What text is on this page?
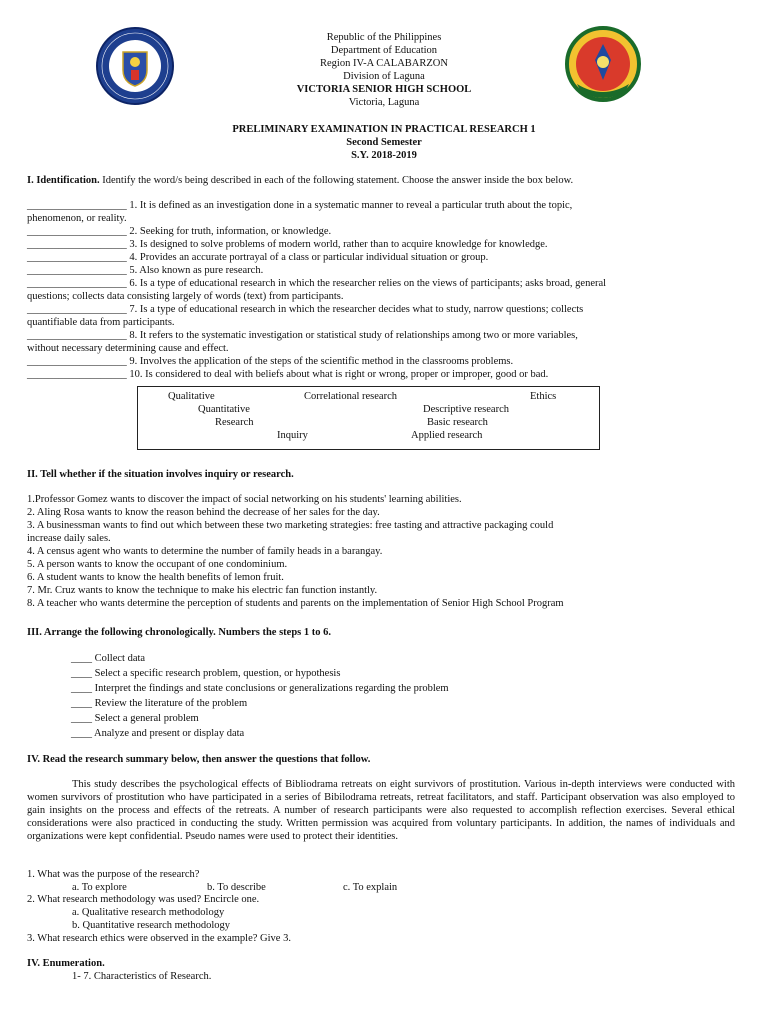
Republic of the Philippines
Department of Education
Region IV-A CALABARZON
Division of Laguna
VICTORIA SENIOR HIGH SCHOOL
Victoria, Laguna
PRELIMINARY EXAMINATION IN PRACTICAL RESEARCH 1
Second Semester
S.Y. 2018-2019
I. Identification. Identify the word/s being described in each of the following statement. Choose the answer inside the box below.
___________________ 1. It is defined as an investigation done in a systematic manner to reveal a particular truth about the topic,
phenomenon, or reality.
___________________ 2. Seeking for truth, information, or knowledge.
___________________ 3. Is designed to solve problems of modern world, rather than to acquire knowledge for knowledge.
___________________ 4. Provides an accurate portrayal of a class or particular individual situation or group.
___________________ 5. Also known as pure research.
___________________ 6. Is a type of educational research in which the researcher relies on the views of participants; asks broad, general
questions; collects data consisting largely of words (text) from participants.
___________________ 7. Is a type of educational research in which the researcher decides what to study, narrow questions; collects
quantifiable data from participants.
___________________ 8. It refers to the systematic investigation or statistical study of relationships among two or more variables,
without necessary determining cause and effect.
___________________ 9. Involves the application of the steps of the scientific method in the classrooms problems.
___________________ 10. Is considered to deal with beliefs about what is right or wrong, proper or improper, good or bad.
Qualitative	Correlational research	Ethics
Quantitative	Descriptive research
Research	Basic research
Inquiry	Applied research
II. Tell whether if the situation involves inquiry or research.
1.Professor Gomez wants to discover the impact of social networking on his students' learning abilities.
2. Aling Rosa wants to know the reason behind the decrease of her sales for the day.
3. A businessman wants to find out which between these two marketing strategies: free tasting and attractive packaging could
increase daily sales.
4. A census agent who wants to determine the number of family heads in a barangay.
5. A person wants to know the occupant of one condominium.
6. A student wants to know the health benefits of lemon fruit.
7. Mr. Cruz wants to know the technique to make his electric fan function instantly.
8. A teacher who wants determine the perception of students and parents on the implementation of Senior High School Program
III. Arrange the following chronologically. Numbers the steps 1 to 6.
____ Collect data
____ Select a specific research problem, question, or hypothesis
____ Interpret the findings and state conclusions or generalizations regarding the problem
____ Review the literature of the problem
____ Select a general problem
____ Analyze and present or display data
IV. Read the research summary below, then answer the questions that follow.
This study describes the psychological effects of Bibliodrama retreats on eight survivors of prostitution. Various in-depth interviews were conducted with women survivors of prostitution who have participated in a series of Bibilodrama retreats, retreat facilitators, and staff. Participant observation was also employed to gain insights on the process and effects of the retreats. A number of research participants were also requested to accomplish reflection exercises. Several ethical considerations were also practiced in conducting the study. Written permission was acquired from voluntary participants. In addition, the names of individuals and organizations were kept confidential. Pseudo names were used to protect their identities.
1. What was the purpose of the research?
a. To explore	b. To describe	c. To explain
2. What research methodology was used? Encircle one.
a. Qualitative research methodology
b. Quantitative research methodology
3. What research ethics were observed in the example? Give 3.
IV. Enumeration.
1- 7. Characteristics of Research.
